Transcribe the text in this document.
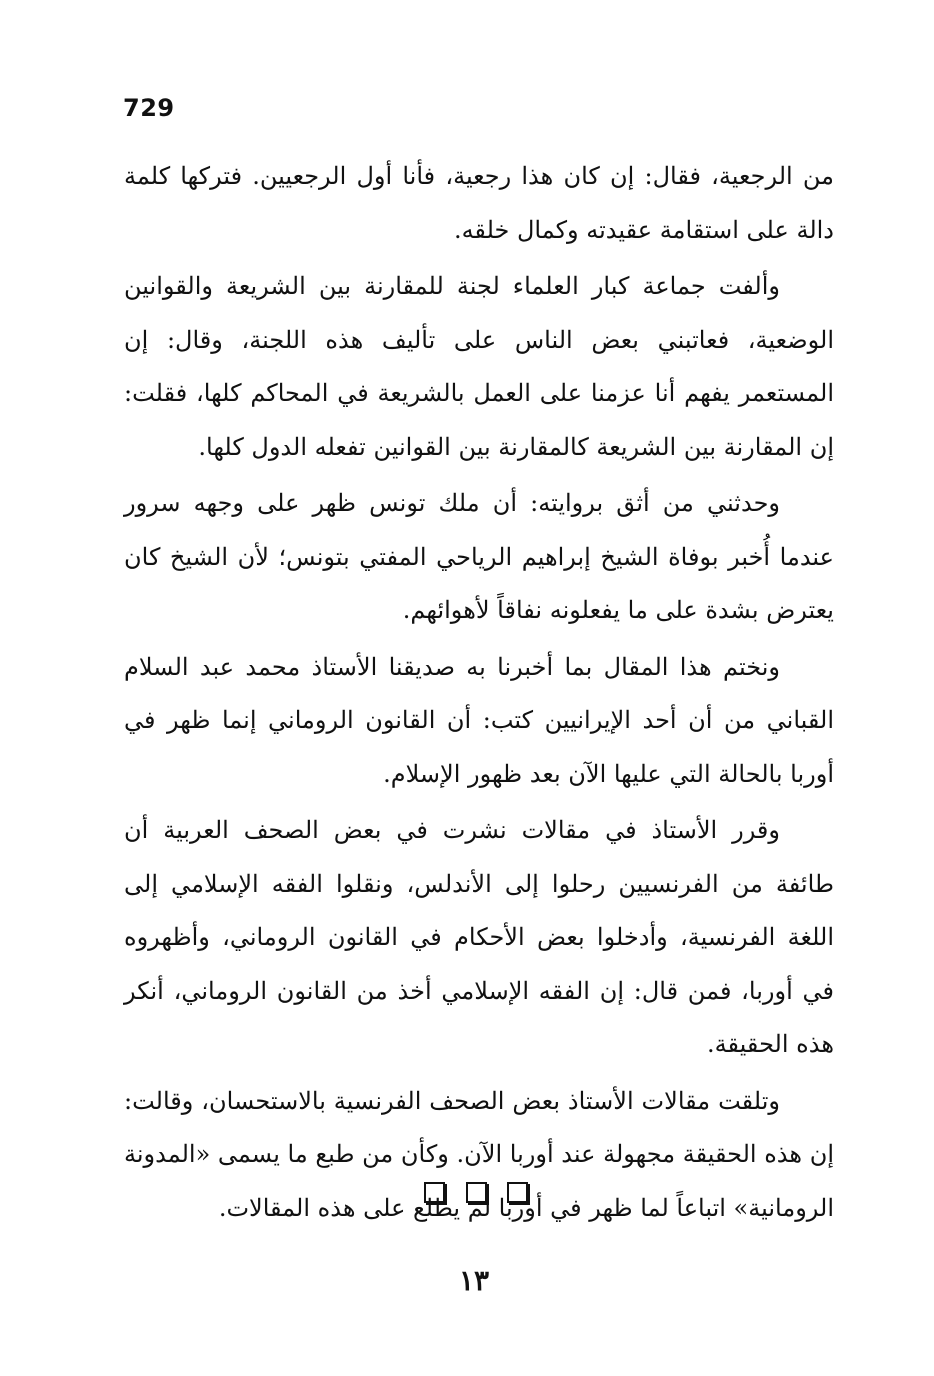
729

من الرجعية، فقال: إن كان هذا رجعية، فأنا أول الرجعيين. فتركها كلمة دالة على استقامة عقيدته وكمال خلقه.

وألفت جماعة كبار العلماء لجنة للمقارنة بين الشريعة والقوانين الوضعية، فعاتبني بعض الناس على تأليف هذه اللجنة، وقال: إن المستعمر يفهم أنا عزمنا على العمل بالشريعة في المحاكم كلها، فقلت: إن المقارنة بين الشريعة كالمقارنة بين القوانين تفعله الدول كلها.

وحدثني من أثق بروايته: أن ملك تونس ظهر على وجهه سرور عندما أُخبر بوفاة الشيخ إبراهيم الرياحي المفتي بتونس؛ لأن الشيخ كان يعترض بشدة على ما يفعلونه نفاقاً لأهوائهم.

ونختم هذا المقال بما أخبرنا به صديقنا الأستاذ محمد عبد السلام القباني من أن أحد الإيرانيين كتب: أن القانون الروماني إنما ظهر في أوربا بالحالة التي عليها الآن بعد ظهور الإسلام.

وقرر الأستاذ في مقالات نشرت في بعض الصحف العربية أن طائفة من الفرنسيين رحلوا إلى الأندلس، ونقلوا الفقه الإسلامي إلى اللغة الفرنسية، وأدخلوا بعض الأحكام في القانون الروماني، وأظهروه في أوربا، فمن قال: إن الفقه الإسلامي أخذ من القانون الروماني، أنكر هذه الحقيقة.

وتلقت مقالات الأستاذ بعض الصحف الفرنسية بالاستحسان، وقالت: إن هذه الحقيقة مجهولة عند أوربا الآن. وكأن من طبع ما يسمى «المدونة الرومانية» اتباعاً لما ظهر في أوربا لم يطلع على هذه المقالات.

١٣
